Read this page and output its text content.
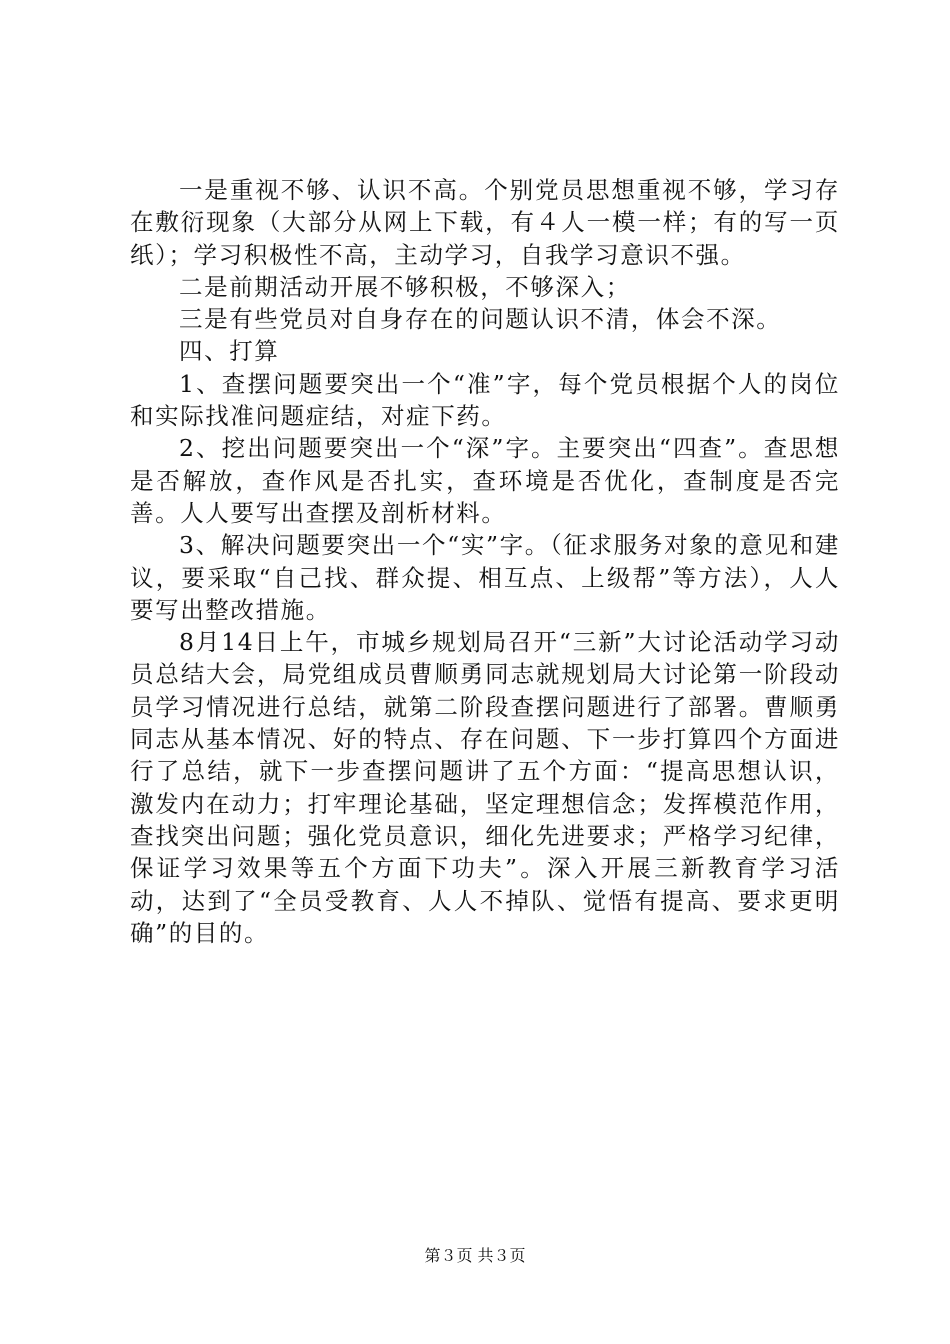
一是重视不够、认识不高。个别党员思想重视不够，学习存在敷衍现象（大部分从网上下载，有４人一模一样；有的写一页纸）；学习积极性不高，主动学习，自我学习意识不强。

二是前期活动开展不够积极，不够深入；

三是有些党员对自身存在的问题认识不清，体会不深。

四、打算

1、查摆问题要突出一个“准”字，每个党员根据个人的岗位和实际找准问题症结，对症下药。

2、挖出问题要突出一个“深”字。主要突出“四查”。查思想是否解放，查作风是否扎实，查环境是否优化，查制度是否完善。人人要写出查摆及剖析材料。

3、解决问题要突出一个“实”字。（征求服务对象的意见和建议，要采取“自己找、群众提、相互点、上级帮”等方法），人人要写出整改措施。

8月14日上午，市城乡规划局召开“三新”大讨论活动学习动员总结大会，局党组成员曹顺勇同志就规划局大讨论第一阶段动员学习情况进行总结，就第二阶段查摆问题进行了部署。曹顺勇同志从基本情况、好的特点、存在问题、下一步打算四个方面进行了总结，就下一步查摆问题讲了五个方面：“提高思想认识，激发内在动力；打牢理论基础，坚定理想信念；发挥模范作用，查找突出问题；强化党员意识，细化先进要求；严格学习纪律，保证学习效果等五个方面下功夫”。深入开展三新教育学习活动，达到了“全员受教育、人人不掉队、觉悟有提高、要求更明确”的目的。

第３页 共３页
